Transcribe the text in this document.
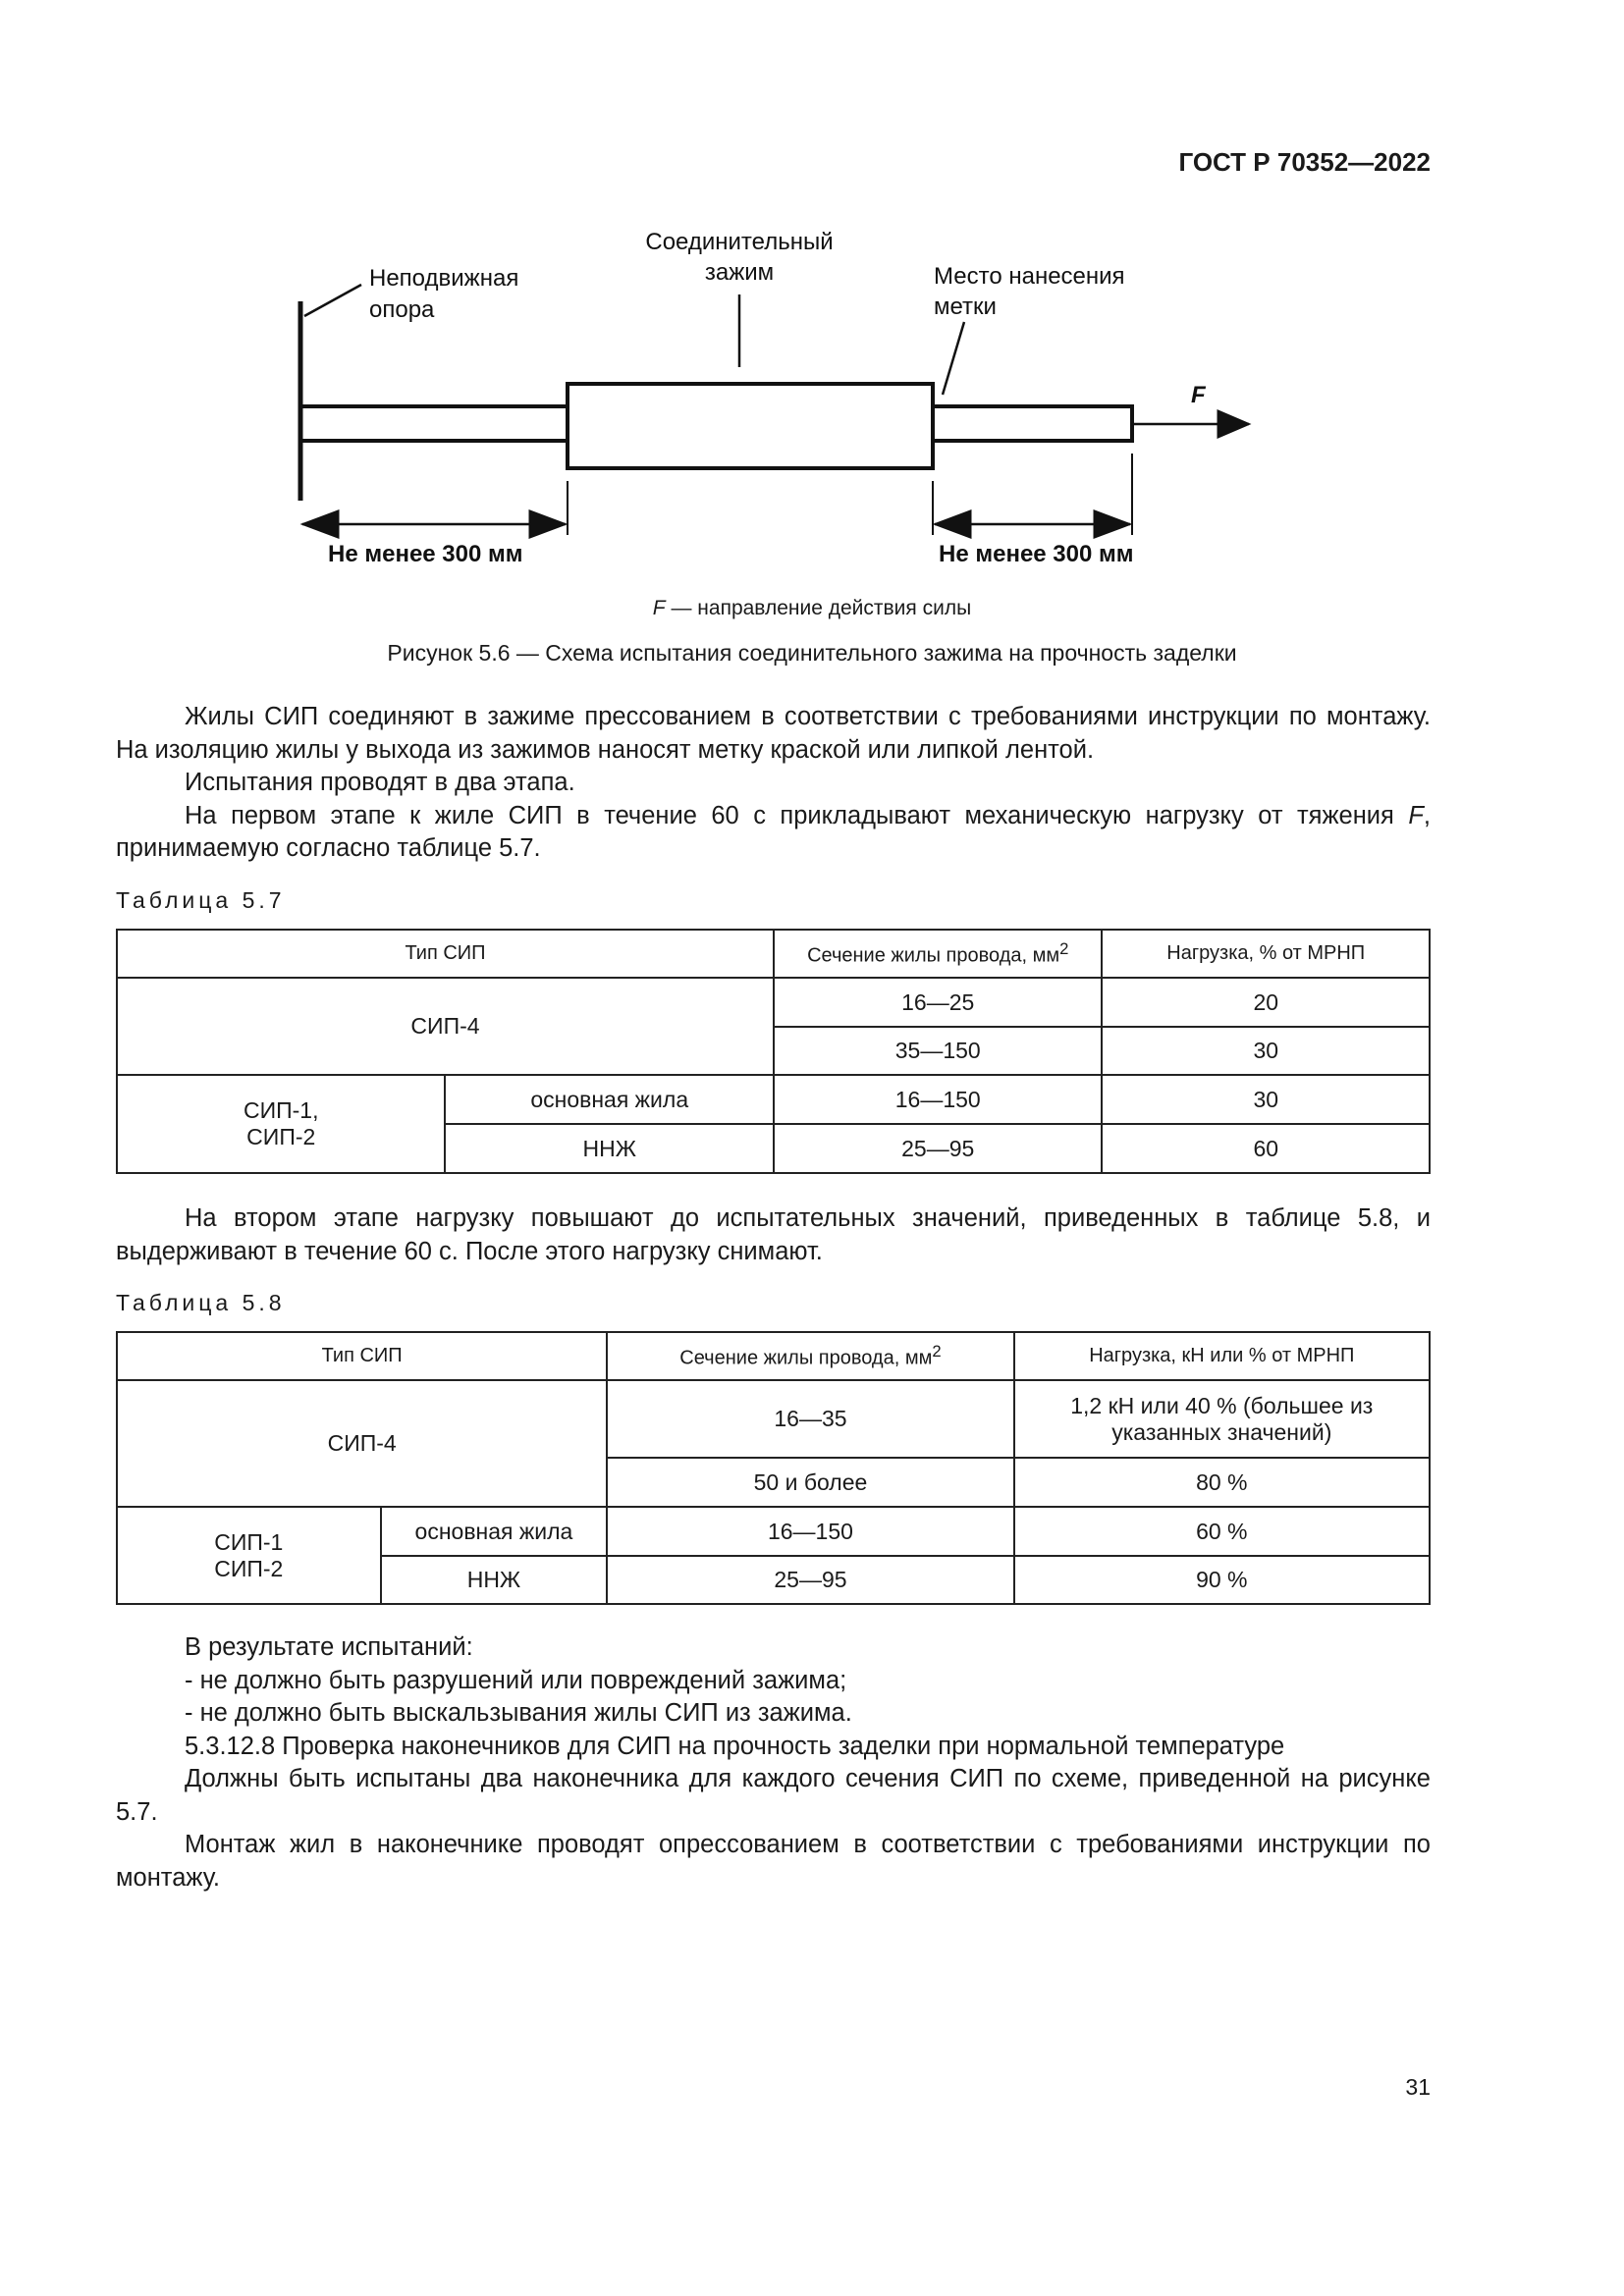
ГОСТ Р 70352—2022
Неподвижная
опора
Соединительный
зажим	Место нанесения
метки
F
Не менее 300 мм	Не менее 300 мм
F — направление действия силы
Рисунок 5.6 — Схема испытания соединительного зажима на прочность заделки

Жилы СИП соединяют в зажиме прессованием в соответствии с требованиями инструкции по монтажу. На изоляцию жилы у выхода из зажимов наносят метку краской или липкой лентой.

Испытания проводят в два этапа.

На первом этапе к жиле СИП в течение 60 с прикладывают механическую нагрузку от тяжения F, принимаемую согласно таблице 5.7.

Таблица 5.7
Тип СИП		Сечение жилы провода, $мм^2$	Нагрузка, % от МРНП
СИП-4		16—25	20
		35—150	30

СИП-1,
СИП-2	основная жила	16—150	30
	ННЖ	25—95	60

На втором этапе нагрузку повышают до испытательных значений, приведенных в таблице 5.8, и выдерживают в течение 60 с. После этого нагрузку снимают.

Таблица 5.8
Тип СИП		Сечение жилы провода, $мм^2$	Нагрузка, кН или % от МРНП
СИП-4		16—35	1,2 кН или 40 % (большее из
указанных значений)

		50 и более	80 %

СИП-1
СИП-2	основная жила	16—150	60 %
	ННЖ	25—95	90 %

В результате испытаний:

- не должно быть разрушений или повреждений зажима;

- не должно быть выскальзывания жилы СИП из зажима.

5.3.12.8 Проверка наконечников для СИП на прочность заделки при нормальной температуре

Должны быть испытаны два наконечника для каждого сечения СИП по схеме, приведенной на рисунке 5.7.

Монтаж жил в наконечнике проводят опрессованием в соответствии с требованиями инструкции по монтажу.

31
